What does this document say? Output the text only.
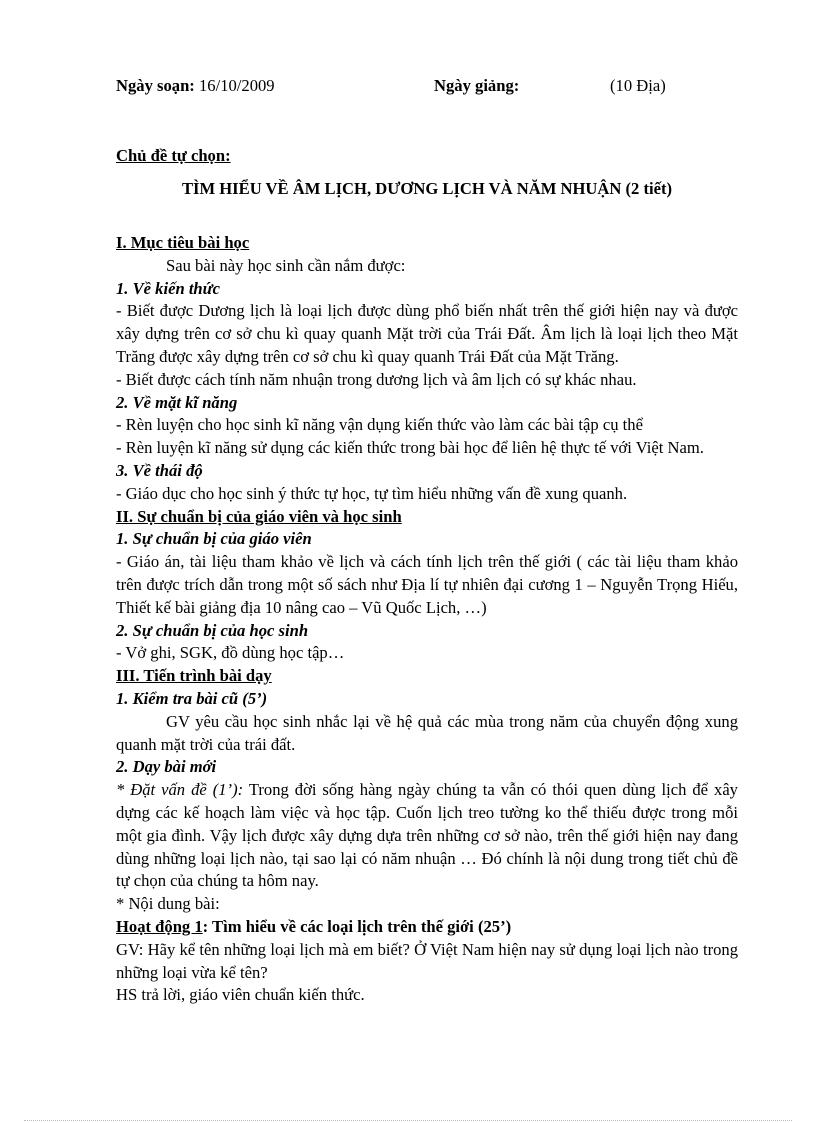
Ngày soạn: 16/10/2009	Ngày giảng:	(10 Địa)
Chủ đề tự chọn:
TÌM HIỂU VỀ ÂM LỊCH, DƯƠNG LỊCH VÀ NĂM NHUẬN (2 tiết)
I. Mục tiêu bài học
Sau bài này học sinh cần nắm được:
1. Về kiến thức
- Biết được Dương lịch là loại lịch được dùng phổ biến nhất trên thế giới hiện nay và được xây dựng trên cơ sở chu kì quay quanh Mặt trời của Trái Đất. Âm lịch là loại lịch theo Mặt Trăng được xây dựng trên cơ sở chu kì quay quanh Trái Đất của Mặt Trăng.
- Biết được cách tính năm nhuận trong dương lịch và âm lịch có sự khác nhau.
2. Về mặt kĩ năng
- Rèn luyện cho học sinh kĩ năng vận dụng kiến thức vào làm các bài tập cụ thể
- Rèn luyện kĩ năng sử dụng các kiến thức trong bài học để liên hệ thực tế với Việt Nam.
3. Về thái độ
- Giáo dục cho học sinh ý thức tự học, tự tìm hiểu những vấn đề xung quanh.
II. Sự chuẩn bị của giáo viên và học sinh
1. Sự chuẩn bị của giáo viên
- Giáo án, tài liệu tham khảo về lịch và cách tính lịch trên thế giới ( các tài liệu tham khảo trên được trích dẫn trong một số sách như Địa lí tự nhiên đại cương 1 – Nguyễn Trọng Hiếu, Thiết kế bài giảng địa 10 nâng cao – Vũ Quốc Lịch, …)
2. Sự chuẩn bị của học sinh
- Vở ghi, SGK, đồ dùng học tập…
III. Tiến trình bài dạy
1. Kiểm tra bài cũ (5’)
GV yêu cầu học sinh nhắc lại về hệ quả các mùa trong năm của chuyển động xung quanh mặt trời của trái đất.
2. Dạy bài mới
* Đặt vấn đề (1’): Trong đời sống hàng ngày chúng ta vẫn có thói quen dùng lịch để xây dựng các kế hoạch làm việc và học tập. Cuốn lịch treo tường ko thể thiếu được trong mỗi một gia đình. Vậy lịch được xây dựng dựa trên những cơ sở nào, trên thế giới hiện nay đang dùng những loại lịch nào, tại sao lại có năm nhuận … Đó chính là nội dung trong tiết chủ đề tự chọn của chúng ta hôm nay.
* Nội dung bài:
Hoạt động 1: Tìm hiểu về các loại lịch trên thế giới (25’)
GV: Hãy kể tên những loại lịch mà em biết? Ở Việt Nam hiện nay sử dụng loại lịch nào trong những loại vừa kể tên?
HS trả lời, giáo viên chuẩn kiến thức.
